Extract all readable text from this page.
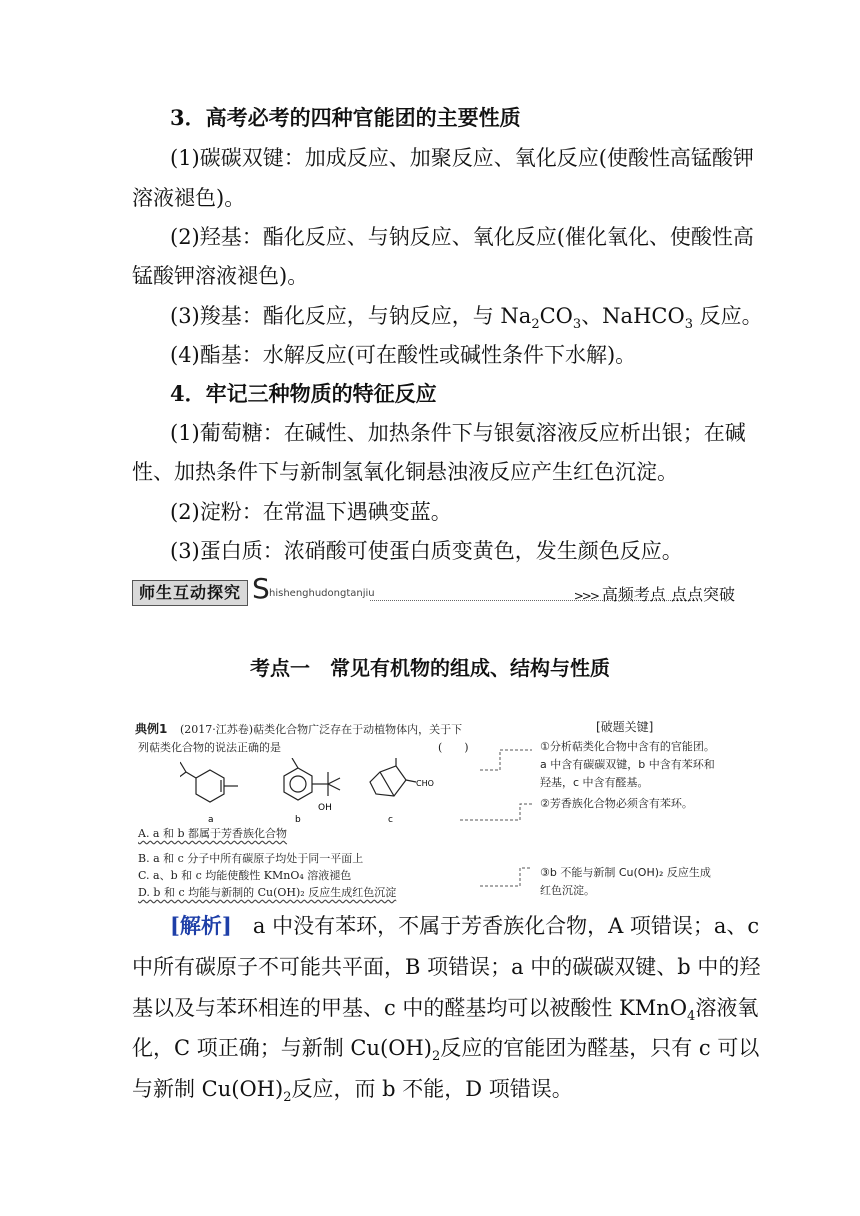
3．高考必考的四种官能团的主要性质
(1)碳碳双键：加成反应、加聚反应、氧化反应(使酸性高锰酸钾
溶液褪色)。
(2)羟基：酯化反应、与钠反应、氧化反应(催化氧化、使酸性高
锰酸钾溶液褪色)。
(3)羧基：酯化反应，与钠反应，与 $Na_2CO_3$、NaHCO$_3$ 反应。
(4)酯基：水解反应(可在酸性或碱性条件下水解)。
4．牢记三种物质的特征反应
(1)葡萄糖：在碱性、加热条件下与银氨溶液反应析出银；在碱
性、加热条件下与新制氢氧化铜悬浊液反应产生红色沉淀。
(2)淀粉：在常温下遇碘变蓝。
(3)蛋白质：浓硝酸可使蛋白质变黄色，发生颜色反应。
师生互动探究 S hishenghudongtanjiu	>>> 高频考点 点点突破
考点一　常见有机物的组成、结构与性质
典例1 (2017·江苏卷)萜类化合物广泛存在于动植物体内，关于下
列萜类化合物的说法正确的是	(　　)
OH
CHO
a	b	c
A. a 和 b 都属于芳香族化合物
B. a 和 c 分子中所有碳原子均处于同一平面上
C. a、b 和 c 均能使酸性 KMnO₄ 溶液褪色
D. b 和 c 均能与新制的 Cu(OH)₂ 反应生成红色沉淀
[破题关键]
①分析萜类化合物中含有的官能团。
a 中含有碳碳双键，b 中含有苯环和
羟基，c 中含有醛基。
②芳香族化合物必须含有苯环。
③b 不能与新制 Cu(OH)₂ 反应生成
红色沉淀。
[解析]　a 中没有苯环，不属于芳香族化合物，A 项错误；a、c
中所有碳原子不可能共平面，B 项错误；a 中的碳碳双键、b 中的羟
基以及与苯环相连的甲基、c 中的醛基均可以被酸性 KMnO$_4$溶液氧
化，C 项正确；与新制 $Cu(OH)_2$反应的官能团为醛基，只有 c 可以
与新制 $Cu(OH)_2$反应，而 b 不能，D 项错误。
